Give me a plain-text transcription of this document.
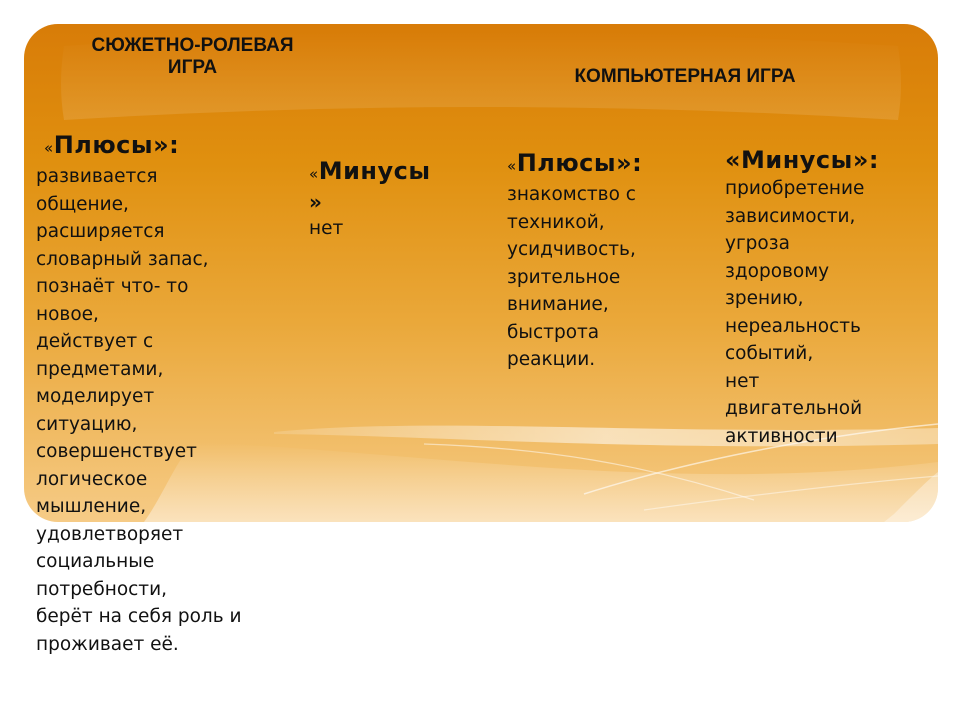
СЮЖЕТНО-РОЛЕВАЯ
ИГРА	КОМПЬЮТЕРНАЯ ИГРА
«Плюсы»:
развивается
общение,
расширяется
словарный запас,
познаёт что- то
новое,
действует с
предметами,
моделирует
ситуацию,
совершенствует
логическое
мышление,
удовлетворяет
социальные
потребности,
берёт на себя роль и
проживает её.
«Минусы
»
нет
«Плюсы»:
знакомство с
техникой,
усидчивость,
зрительное
внимание,
быстрота
реакции.
«Минусы»:
приобретение
зависимости,
угроза
здоровому
зрению,
нереальность
событий,
нет
двигательной
активности
